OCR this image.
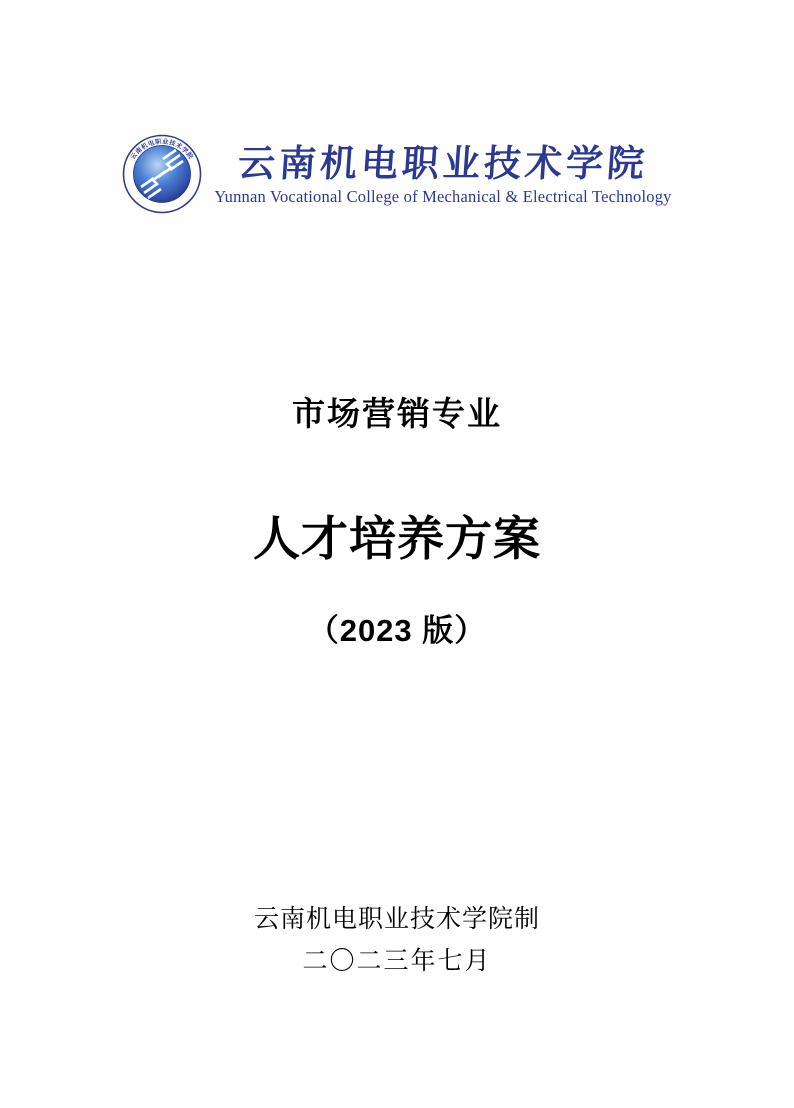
云南机电职业技术学院
Yunnan Vocational College of Mechanical & Electrical Technology 云南机电职业技术学院
Yunnan Vocational College of Mechanical & Electrical Technology
市场营销专业
人才培养方案
（2023 版）
云南机电职业技术学院制
二〇二三年七月
